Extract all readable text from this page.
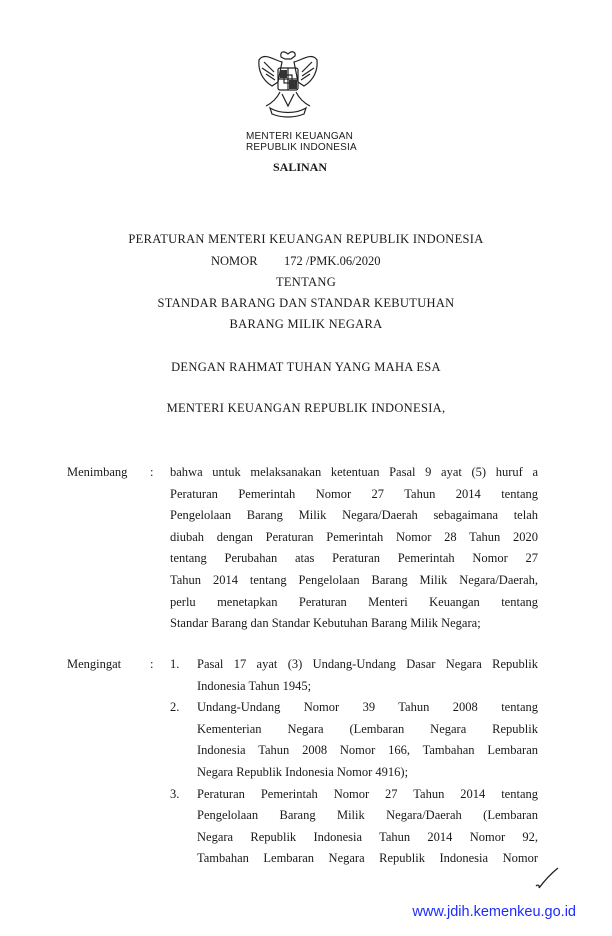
MENTERI KEUANGAN
REPUBLIK INDONESIA
SALINAN
PERATURAN MENTERI KEUANGAN REPUBLIK INDONESIA
NOMOR 172 /PMK.06/2020
TENTANG
STANDAR BARANG DAN STANDAR KEBUTUHAN
BARANG MILIK NEGARA
DENGAN RAHMAT TUHAN YANG MAHA ESA
MENTERI KEUANGAN REPUBLIK INDONESIA,
Menimbang : bahwa untuk melaksanakan ketentuan Pasal 9 ayat (5) huruf a
Peraturan Pemerintah Nomor 27 Tahun 2014 tentang
Pengelolaan Barang Milik Negara/Daerah sebagaimana telah
diubah dengan Peraturan Pemerintah Nomor 28 Tahun 2020
tentang Perubahan atas Peraturan Pemerintah Nomor 27
Tahun 2014 tentang Pengelolaan Barang Milik Negara/Daerah,
perlu menetapkan Peraturan Menteri Keuangan tentang
Standar Barang dan Standar Kebutuhan Barang Milik Negara;
Mengingat : 1.	Pasal 17 ayat (3) Undang-Undang Dasar Negara Republik
Indonesia Tahun 1945;
2.	Undang-Undang Nomor 39 Tahun 2008 tentang
Kementerian Negara (Lembaran Negara Republik
Indonesia Tahun 2008 Nomor 166, Tambahan Lembaran
Negara Republik Indonesia Nomor 4916);
3.	Peraturan Pemerintah Nomor 27 Tahun 2014 tentang
Pengelolaan Barang Milik Negara/Daerah (Lembaran
Negara Republik Indonesia Tahun 2014 Nomor 92,
Tambahan Lembaran Negara Republik Indonesia Nomor
www.jdih.kemenkeu.go.id
